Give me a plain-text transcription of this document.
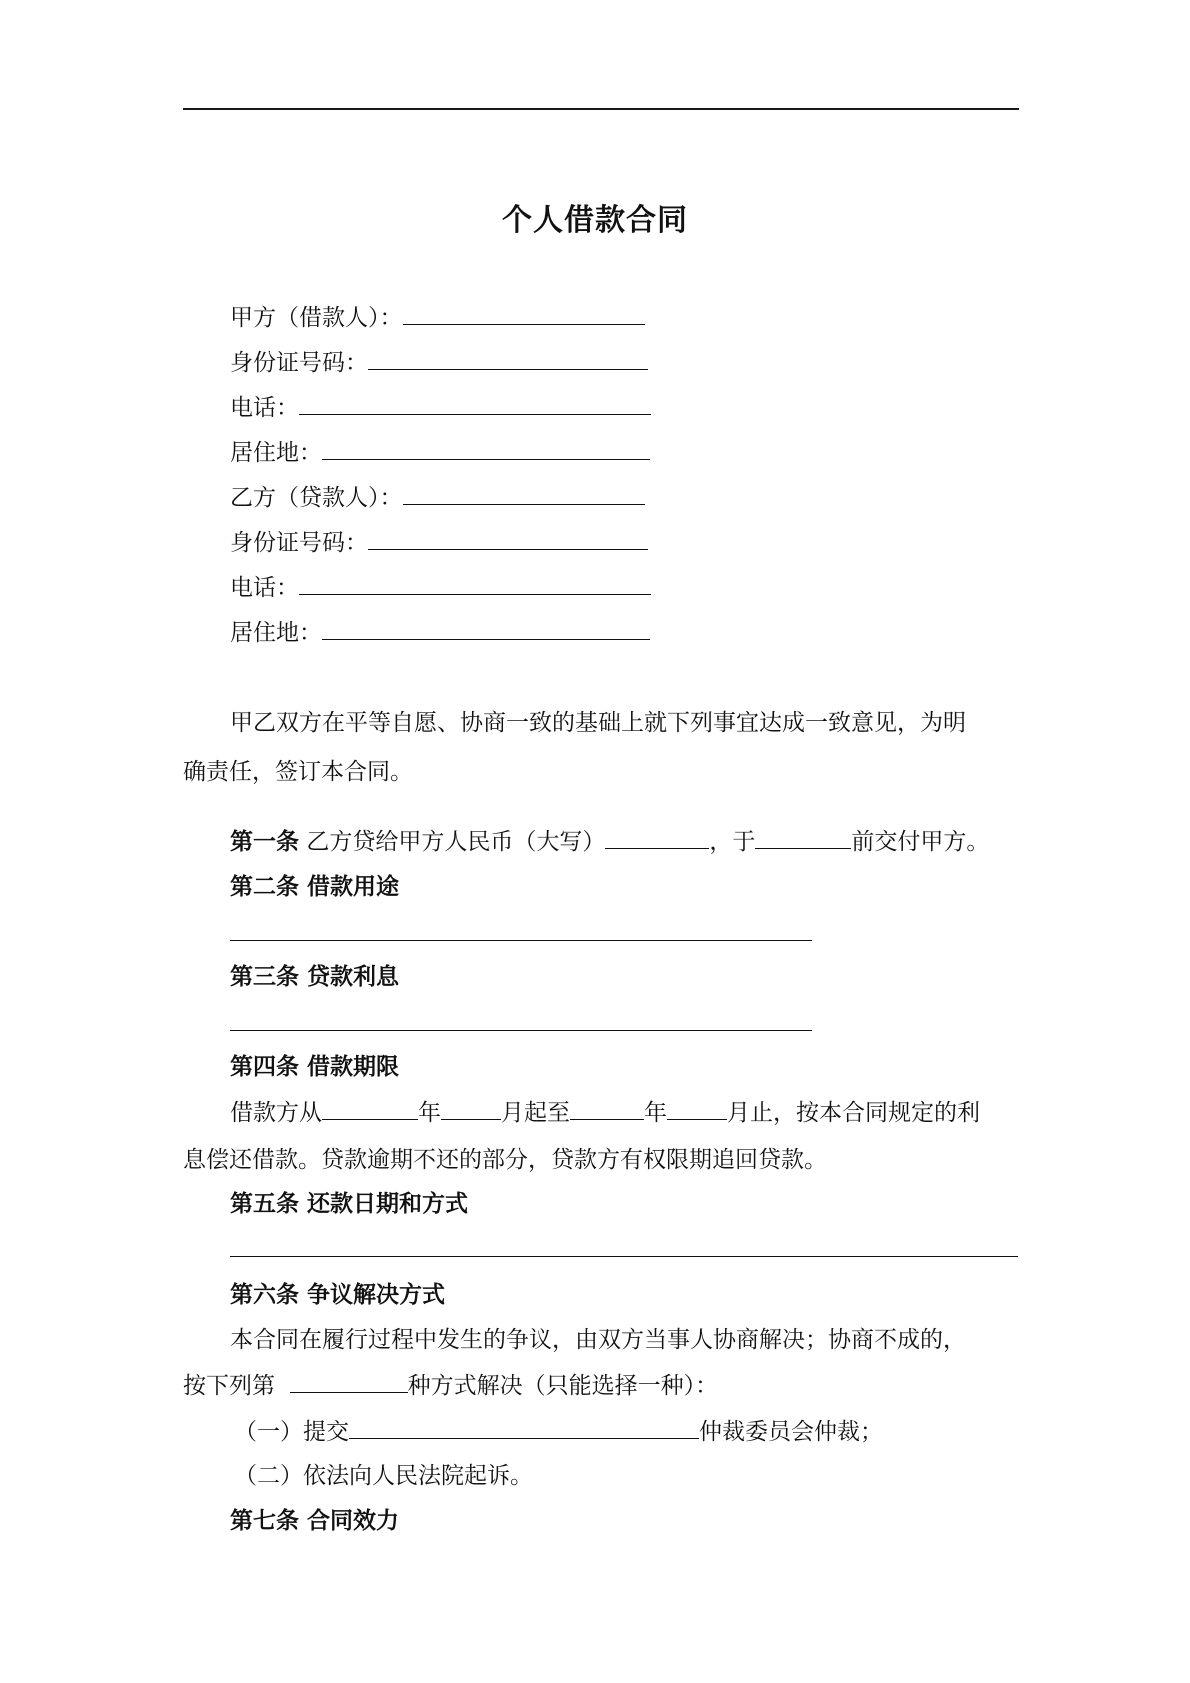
个人借款合同
甲方（借款人）：
身份证号码：
电话：
居住地：
乙方（贷款人）：
身份证号码：
电话：
居住地：
甲乙双方在平等自愿、协商一致的基础上就下列事宜达成一致意见，为明
确责任，签订本合同。
第一条 乙方贷给甲方人民币（大写）	，于	前交付甲方。
第二条 借款用途
第三条 贷款利息
第四条 借款期限
借款方从	年	月起至	年	月止，按本合同规定的利
息偿还借款。贷款逾期不还的部分，贷款方有权限期追回贷款。
第五条 还款日期和方式
第六条 争议解决方式
本合同在履行过程中发生的争议，由双方当事人协商解决；协商不成的，
按下列第	种方式解决（只能选择一种）：
（一）提交	仲裁委员会仲裁；
（二）依法向人民法院起诉。
第七条 合同效力
